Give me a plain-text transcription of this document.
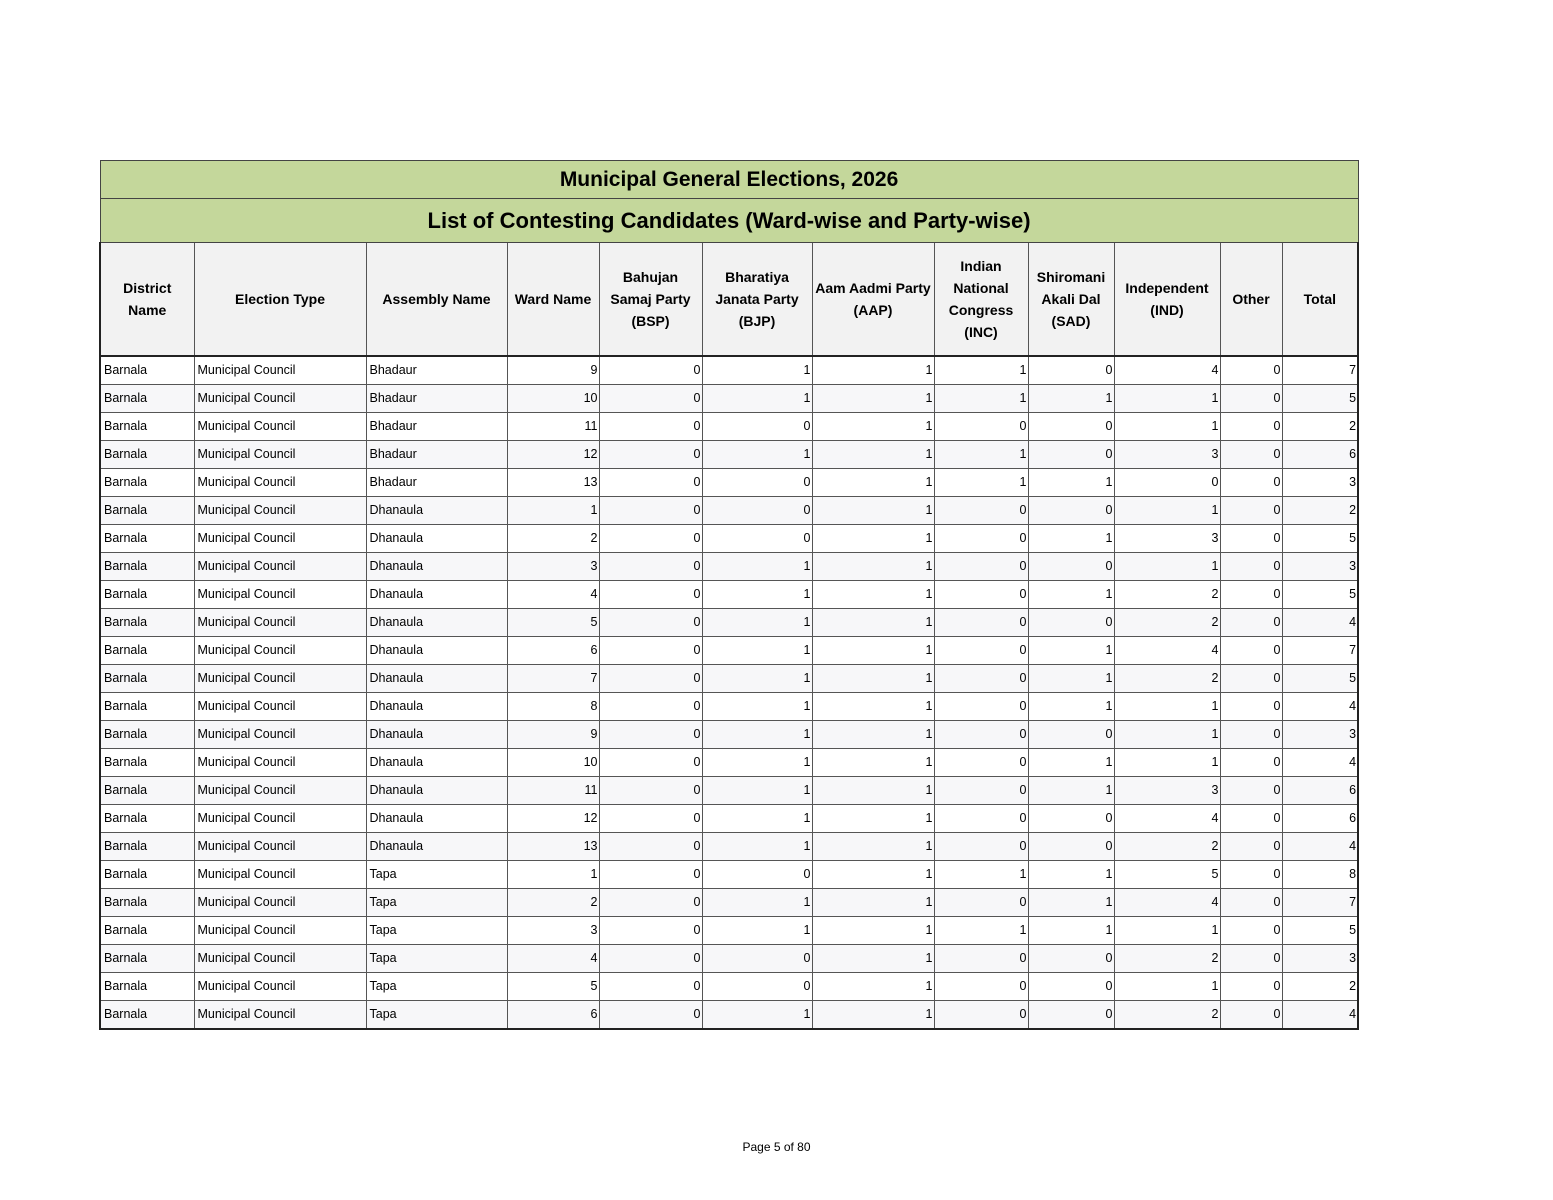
Municipal General Elections, 2026											
List of Contesting Candidates (Ward-wise and Party-wise)											
District Name	Election Type	Assembly Name	Ward Name	Bahujan Samaj Party (BSP)	Bharatiya Janata Party (BJP)	Aam Aadmi Party (AAP)	Indian National Congress (INC)	Shiromani Akali Dal (SAD)	Independent (IND)	Other	Total
Barnala	Municipal Council	Bhadaur	9	0	1	1	1	0	4	0	7
Barnala	Municipal Council	Bhadaur	10	0	1	1	1	1	1	0	5
Barnala	Municipal Council	Bhadaur	11	0	0	1	0	0	1	0	2
Barnala	Municipal Council	Bhadaur	12	0	1	1	1	0	3	0	6
Barnala	Municipal Council	Bhadaur	13	0	0	1	1	1	0	0	3
Barnala	Municipal Council	Dhanaula	1	0	0	1	0	0	1	0	2
Barnala	Municipal Council	Dhanaula	2	0	0	1	0	1	3	0	5
Barnala	Municipal Council	Dhanaula	3	0	1	1	0	0	1	0	3
Barnala	Municipal Council	Dhanaula	4	0	1	1	0	1	2	0	5
Barnala	Municipal Council	Dhanaula	5	0	1	1	0	0	2	0	4
Barnala	Municipal Council	Dhanaula	6	0	1	1	0	1	4	0	7
Barnala	Municipal Council	Dhanaula	7	0	1	1	0	1	2	0	5
Barnala	Municipal Council	Dhanaula	8	0	1	1	0	1	1	0	4
Barnala	Municipal Council	Dhanaula	9	0	1	1	0	0	1	0	3
Barnala	Municipal Council	Dhanaula	10	0	1	1	0	1	1	0	4
Barnala	Municipal Council	Dhanaula	11	0	1	1	0	1	3	0	6
Barnala	Municipal Council	Dhanaula	12	0	1	1	0	0	4	0	6
Barnala	Municipal Council	Dhanaula	13	0	1	1	0	0	2	0	4
Barnala	Municipal Council	Tapa	1	0	0	1	1	1	5	0	8
Barnala	Municipal Council	Tapa	2	0	1	1	0	1	4	0	7
Barnala	Municipal Council	Tapa	3	0	1	1	1	1	1	0	5
Barnala	Municipal Council	Tapa	4	0	0	1	0	0	2	0	3
Barnala	Municipal Council	Tapa	5	0	0	1	0	0	1	0	2
Barnala	Municipal Council	Tapa	6	0	1	1	0	0	2	0	4
Page 5 of 80
